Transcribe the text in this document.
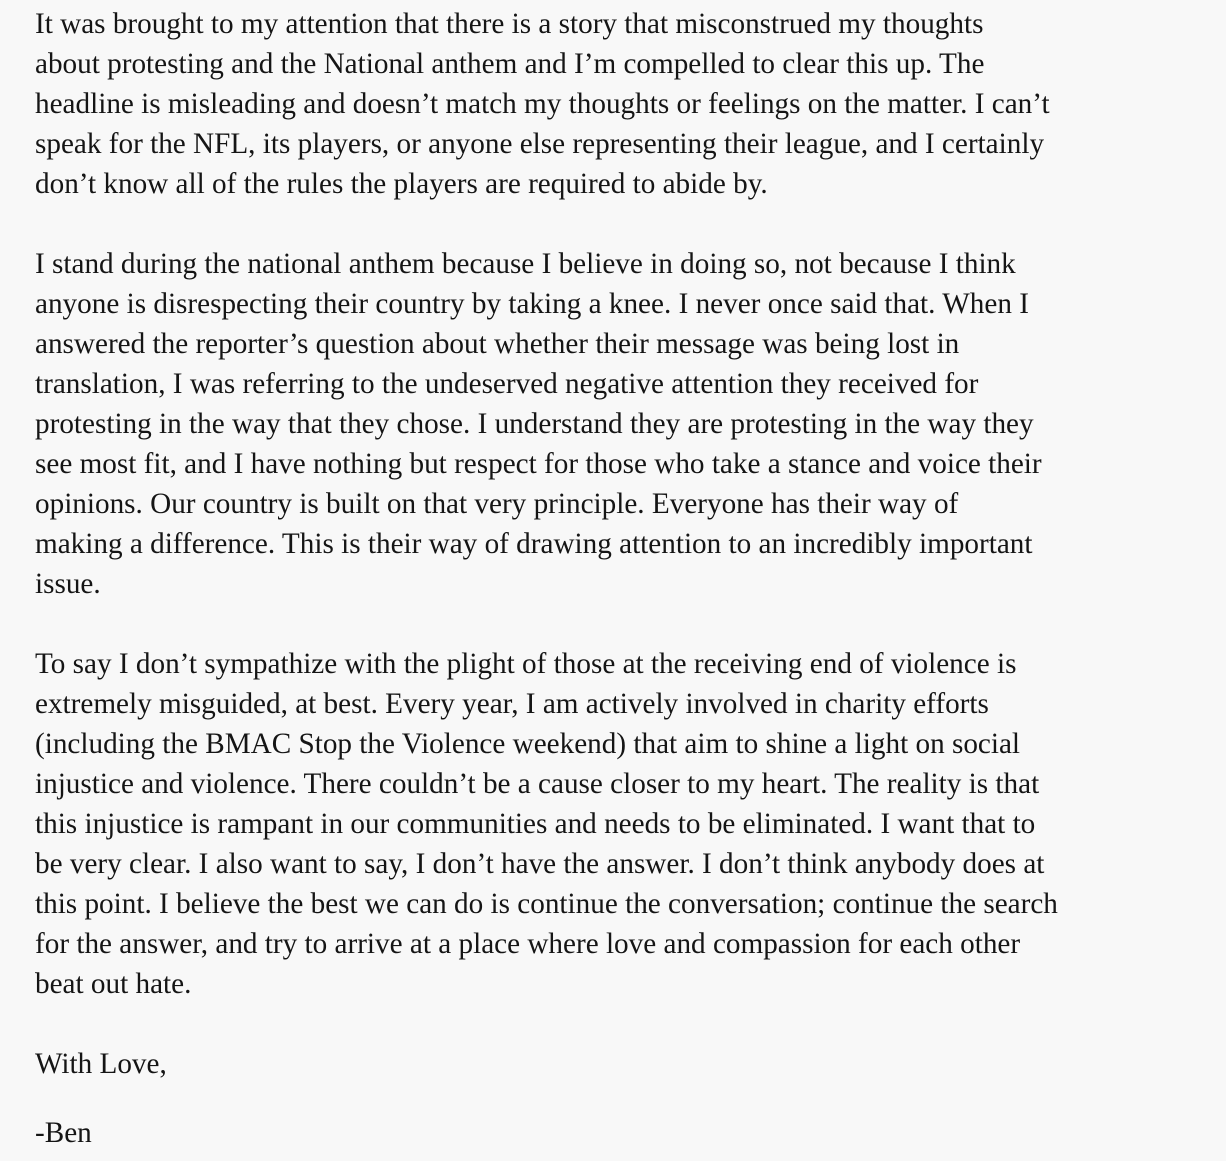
It was brought to my attention that there is a story that misconstrued my thoughts
about protesting and the National anthem and I’m compelled to clear this up. The
headline is misleading and doesn’t match my thoughts or feelings on the matter. I can’t
speak for the NFL, its players, or anyone else representing their league, and I certainly
don’t know all of the rules the players are required to abide by.

I stand during the national anthem because I believe in doing so, not because I think
anyone is disrespecting their country by taking a knee. I never once said that. When I
answered the reporter’s question about whether their message was being lost in
translation, I was referring to the undeserved negative attention they received for
protesting in the way that they chose. I understand they are protesting in the way they
see most fit, and I have nothing but respect for those who take a stance and voice their
opinions. Our country is built on that very principle. Everyone has their way of
making a difference. This is their way of drawing attention to an incredibly important
issue.

To say I don’t sympathize with the plight of those at the receiving end of violence is
extremely misguided, at best. Every year, I am actively involved in charity efforts
(including the BMAC Stop the Violence weekend) that aim to shine a light on social
injustice and violence. There couldn’t be a cause closer to my heart. The reality is that
this injustice is rampant in our communities and needs to be eliminated. I want that to
be very clear. I also want to say, I don’t have the answer. I don’t think anybody does at
this point. I believe the best we can do is continue the conversation; continue the search
for the answer, and try to arrive at a place where love and compassion for each other
beat out hate.

With Love,

-Ben
